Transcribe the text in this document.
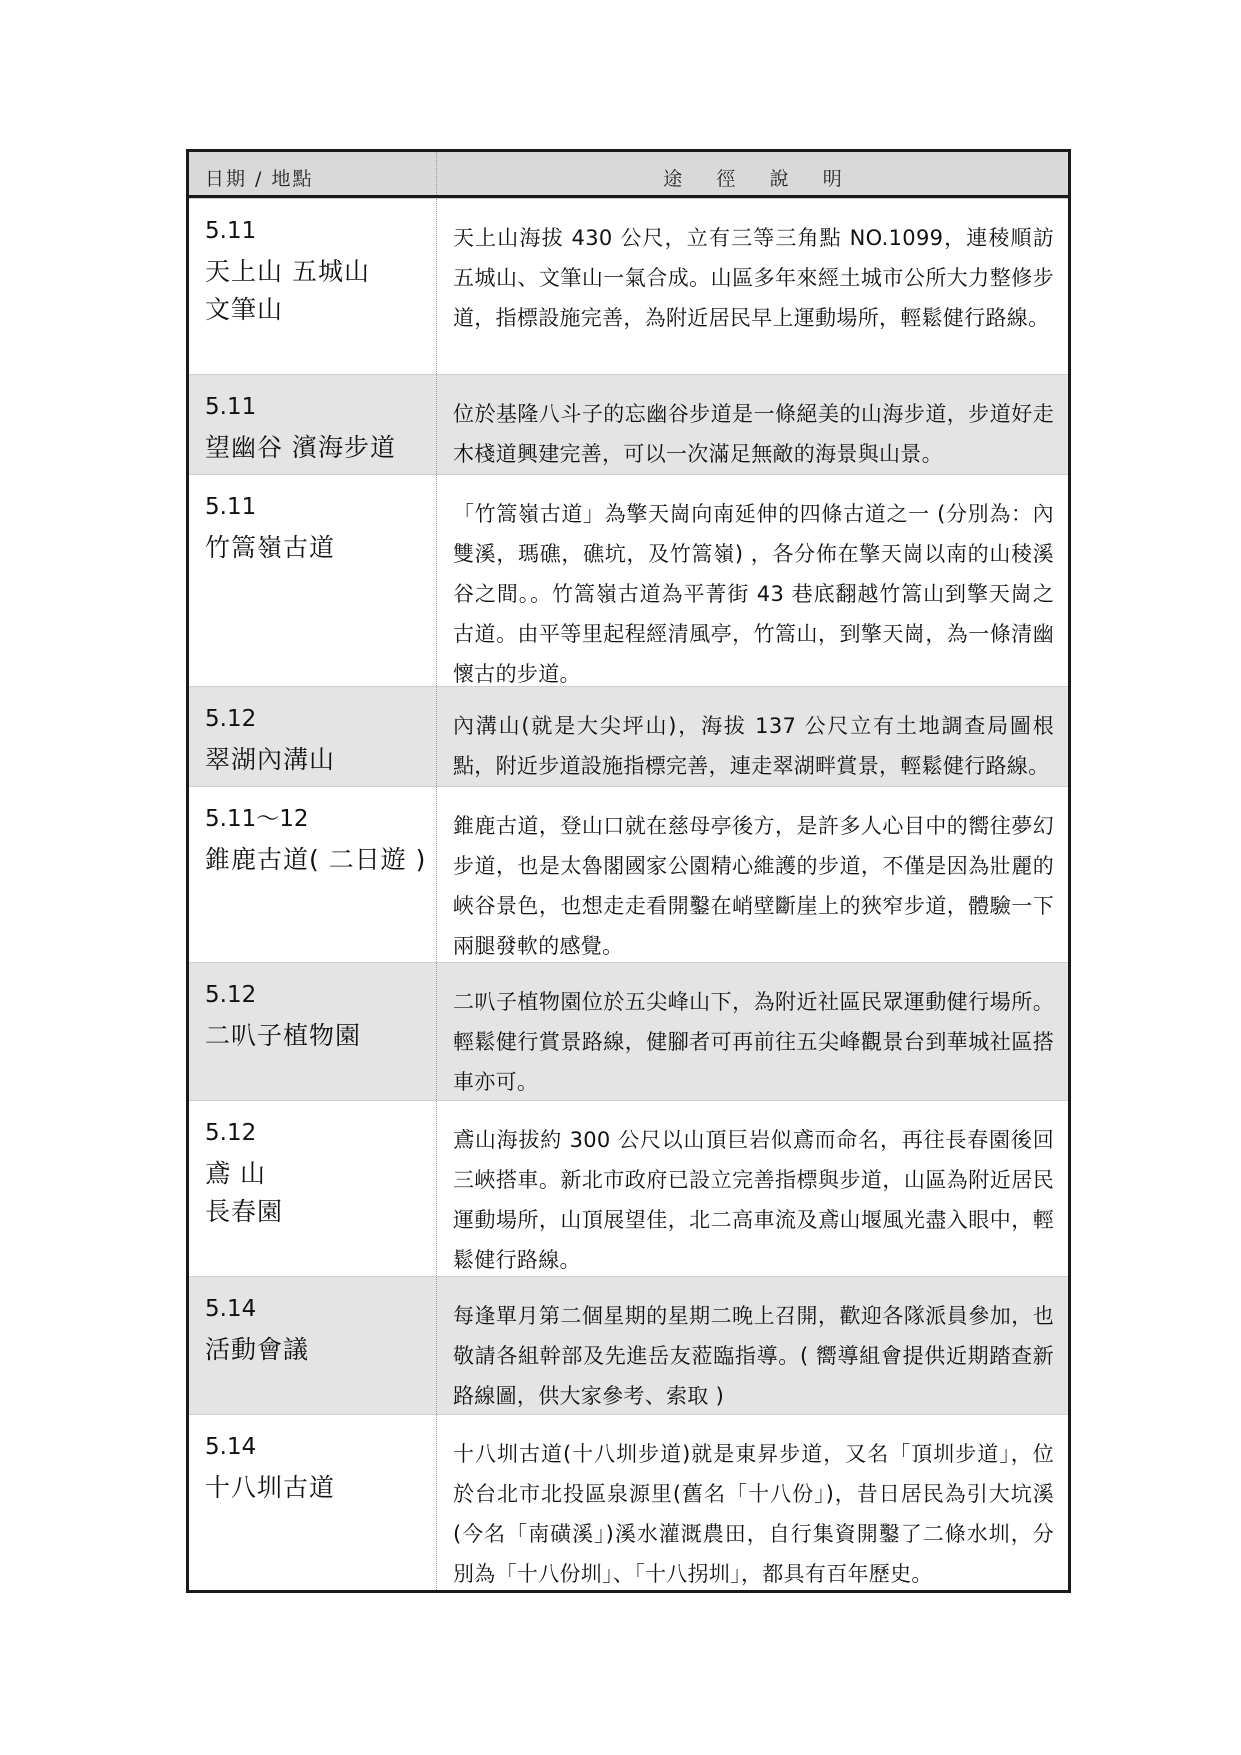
日期 / 地點	途徑說明

5.11

天上山 五城山

文筆山

天上山海拔 430 公尺，立有三等三角點 NO.1099，連稜順訪五城山、文筆山一氣合成。山區多年來經土城市公所大力整修步道，指標設施完善，為附近居民早上運動場所，輕鬆健行路線。

5.11

望幽谷 濱海步道

位於基隆八斗子的忘幽谷步道是一條絕美的山海步道，步道好走木棧道興建完善，可以一次滿足無敵的海景與山景。

5.11

竹篙嶺古道

「竹篙嶺古道」為擎天崗向南延伸的四條古道之一 (分別為：內雙溪，瑪礁，礁坑，及竹篙嶺) ，各分佈在擎天崗以南的山稜溪谷之間。。竹篙嶺古道為平菁街 43 巷底翻越竹篙山到擎天崗之古道。由平等里起程經清風亭，竹篙山，到擎天崗，為一條清幽懷古的步道。

5.12

翠湖內溝山

內溝山(就是大尖坪山)，海拔 137 公尺立有土地調查局圖根點，附近步道設施指標完善，連走翠湖畔賞景，輕鬆健行路線。

5.11～12

錐鹿古道( 二日遊 )

錐鹿古道，登山口就在慈母亭後方，是許多人心目中的嚮往夢幻步道，也是太魯閣國家公園精心維護的步道，不僅是因為壯麗的峽谷景色，也想走走看開鑿在峭壁斷崖上的狹窄步道，體驗一下兩腿發軟的感覺。

5.12

二叭子植物園

二叭子植物園位於五尖峰山下，為附近社區民眾運動健行場所。輕鬆健行賞景路線，健腳者可再前往五尖峰觀景台到華城社區搭車亦可。

5.12

鳶 山

長春園

鳶山海拔約 300 公尺以山頂巨岩似鳶而命名，再往長春園後回三峽搭車。新北市政府已設立完善指標與步道，山區為附近居民運動場所，山頂展望佳，北二高車流及鳶山堰風光盡入眼中，輕鬆健行路線。

5.14

活動會議

每逢單月第二個星期的星期二晚上召開，歡迎各隊派員參加，也敬請各組幹部及先進岳友蒞臨指導。( 嚮導組會提供近期踏查新路線圖，供大家參考、索取 )

5.14

十八圳古道

十八圳古道(十八圳步道)就是東昇步道，又名「頂圳步道」，位於台北市北投區泉源里(舊名「十八份」)，昔日居民為引大坑溪(今名「南磺溪」)溪水灌溉農田，自行集資開鑿了二條水圳，分別為「十八份圳」、「十八拐圳」，都具有百年歷史。
